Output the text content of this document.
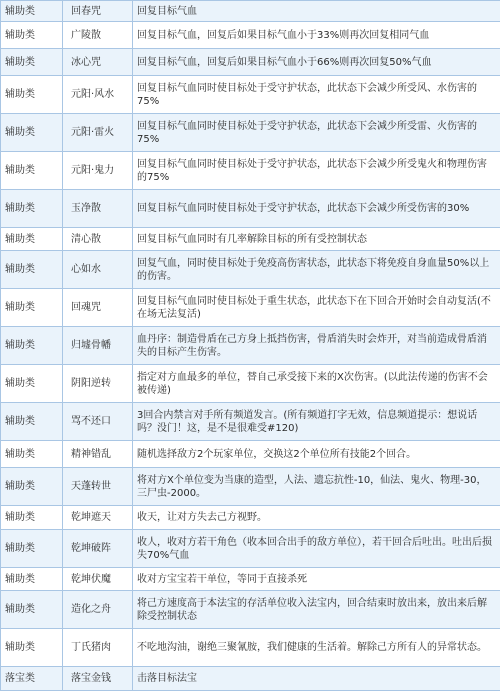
辅助类	回春咒	回复目标气血
辅助类	广陵散	回复目标气血，回复后如果目标气血小于33%则再次回复相同气血
辅助类	冰心咒	回复目标气血，回复后如果目标气血小于66%则再次回复50%气血
辅助类	元阳·风水	回复目标气血同时使目标处于受守护状态，此状态下会减少所受风、水伤害的75%
辅助类	元阳·雷火	回复目标气血同时使目标处于受守护状态，此状态下会减少所受雷、火伤害的75%
辅助类	元阳·鬼力	回复目标气血同时使目标处于受守护状态，此状态下会减少所受鬼火和物理伤害的75%
辅助类	玉净散	回复目标气血同时使目标处于受守护状态，此状态下会减少所受伤害的30%
辅助类	清心散	回复目标气血同时有几率解除目标的所有受控制状态
辅助类	心如水	回复气血，同时使目标处于免疫高伤害状态，此状态下将免疫自身血量50%以上的伤害。
辅助类	回魂咒	回复目标气血同时使目标处于重生状态，此状态下在下回合开始时会自动复活(不在场无法复活)
辅助类	归墟骨幡	血丹序：制造骨盾在己方身上抵挡伤害，骨盾消失时会炸开，对当前造成骨盾消失的目标产生伤害。
辅助类	阴阳逆转	指定对方血最多的单位，替自己承受接下来的X次伤害。(以此法传递的伤害不会被传递)
辅助类	骂不还口	3回合内禁言对手所有频道发言。(所有频道打字无效，信息频道提示：想说话吗？没门！这，是不是很难受#120)
辅助类	精神错乱	随机选择敌方2个玩家单位，交换这2个单位所有技能2个回合。
辅助类	天蓬转世	将对方X个单位变为当康的造型，人法、遗忘抗性-10，仙法、鬼火、物理-30，三尸虫-2000。
辅助类	乾坤遮天	收天，让对方失去己方视野。
辅助类	乾坤破阵	收人，收对方若干角色（收本回合出手的敌方单位），若干回合后吐出。吐出后损失70%气血
辅助类	乾坤伏魔	收对方宝宝若干单位，等同于直接杀死
辅助类	造化之舟	将己方速度高于本法宝的存活单位收入法宝内，回合结束时放出来，放出来后解除受控制状态
辅助类	丁氏猪肉	不吃地沟油，谢绝三聚氰胺，我们健康的生活着。解除己方所有人的异常状态。
落宝类	落宝金钱	击落目标法宝
